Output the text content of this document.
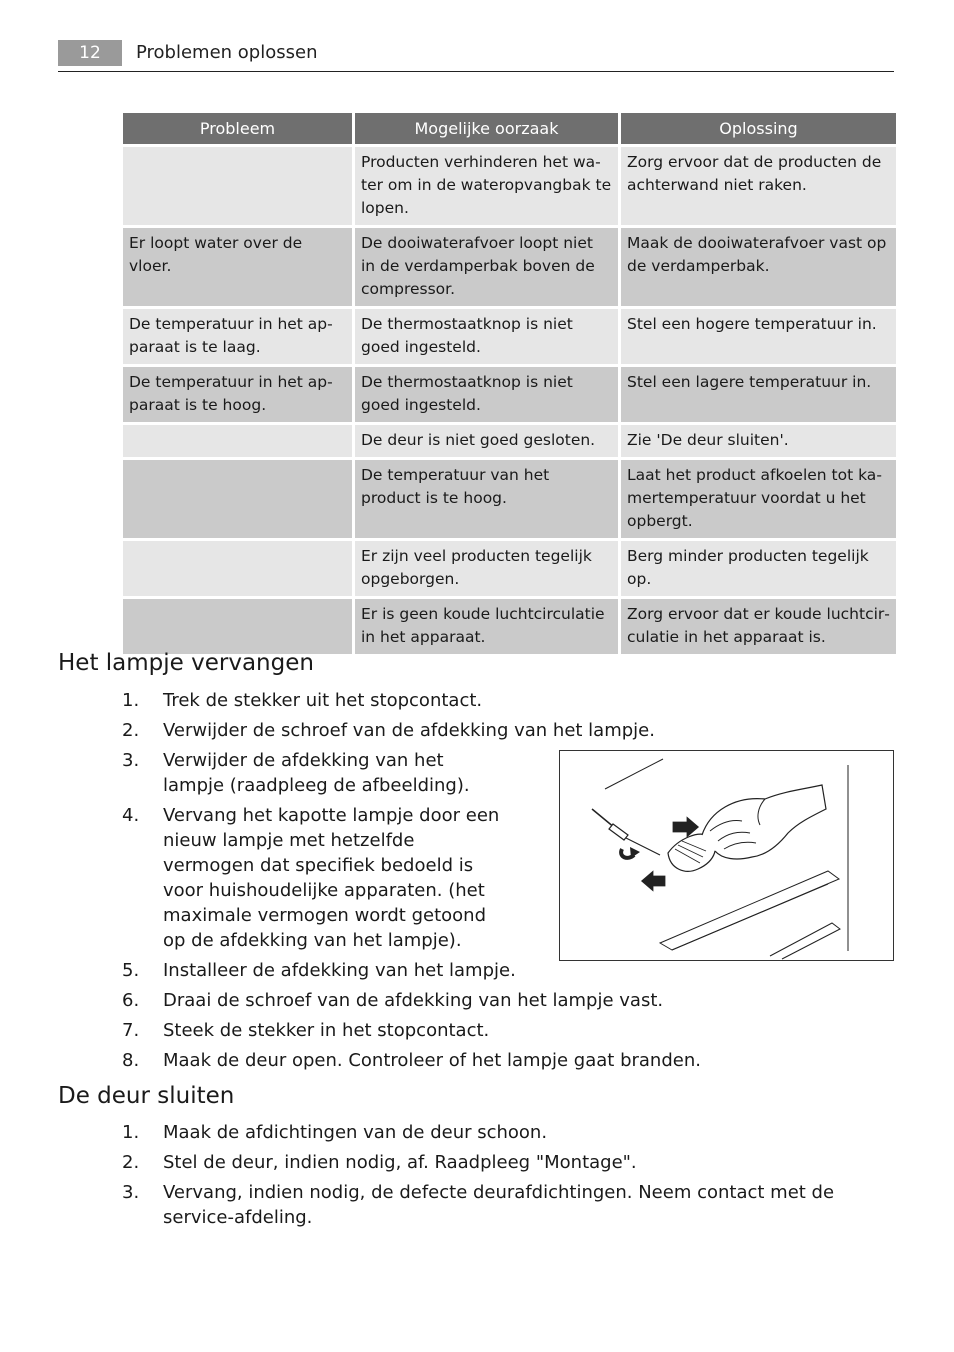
12	Problemen oplossen
Probleem	Mogelijke oorzaak	Oplossing
	Producten verhinderen het water om in de wateropvangbak te lopen.	Zorg ervoor dat de producten de achterwand niet raken.
Er loopt water over de vloer.	De dooiwaterafvoer loopt niet in de verdamperbak boven de compressor.	Maak de dooiwaterafvoer vast op de verdamperbak.
De temperatuur in het apparaat is te laag.	De thermostaatknop is niet goed ingesteld.	Stel een hogere temperatuur in.
De temperatuur in het apparaat is te hoog.	De thermostaatknop is niet goed ingesteld.	Stel een lagere temperatuur in.
	De deur is niet goed gesloten.	Zie 'De deur sluiten'.
	De temperatuur van het product is te hoog.	Laat het product afkoelen tot kamertemperatuur voordat u het opbergt.
	Er zijn veel producten tegelijk opgeborgen.	Berg minder producten tegelijk op.
	Er is geen koude luchtcirculatie in het apparaat.	Zorg ervoor dat er koude luchtcirculatie in het apparaat is.
Het lampje vervangen
1. Trek de stekker uit het stopcontact.
2. Verwijder de schroef van de afdekking van het lampje.
3. Verwijder de afdekking van het lampje (raadpleeg de afbeelding).
4. Vervang het kapotte lampje door een nieuw lampje met hetzelfde vermogen dat specifiek bedoeld is voor huishoudelijke apparaten. (het maximale vermogen wordt getoond op de afdekking van het lampje).
5. Installeer de afdekking van het lampje.
6. Draai de schroef van de afdekking van het lampje vast.
7. Steek de stekker in het stopcontact.
8. Maak de deur open. Controleer of het lampje gaat branden.
De deur sluiten
1. Maak de afdichtingen van de deur schoon.
2. Stel de deur, indien nodig, af. Raadpleeg "Montage".
3. Vervang, indien nodig, de defecte deurafdichtingen. Neem contact met de service-afdeling.
